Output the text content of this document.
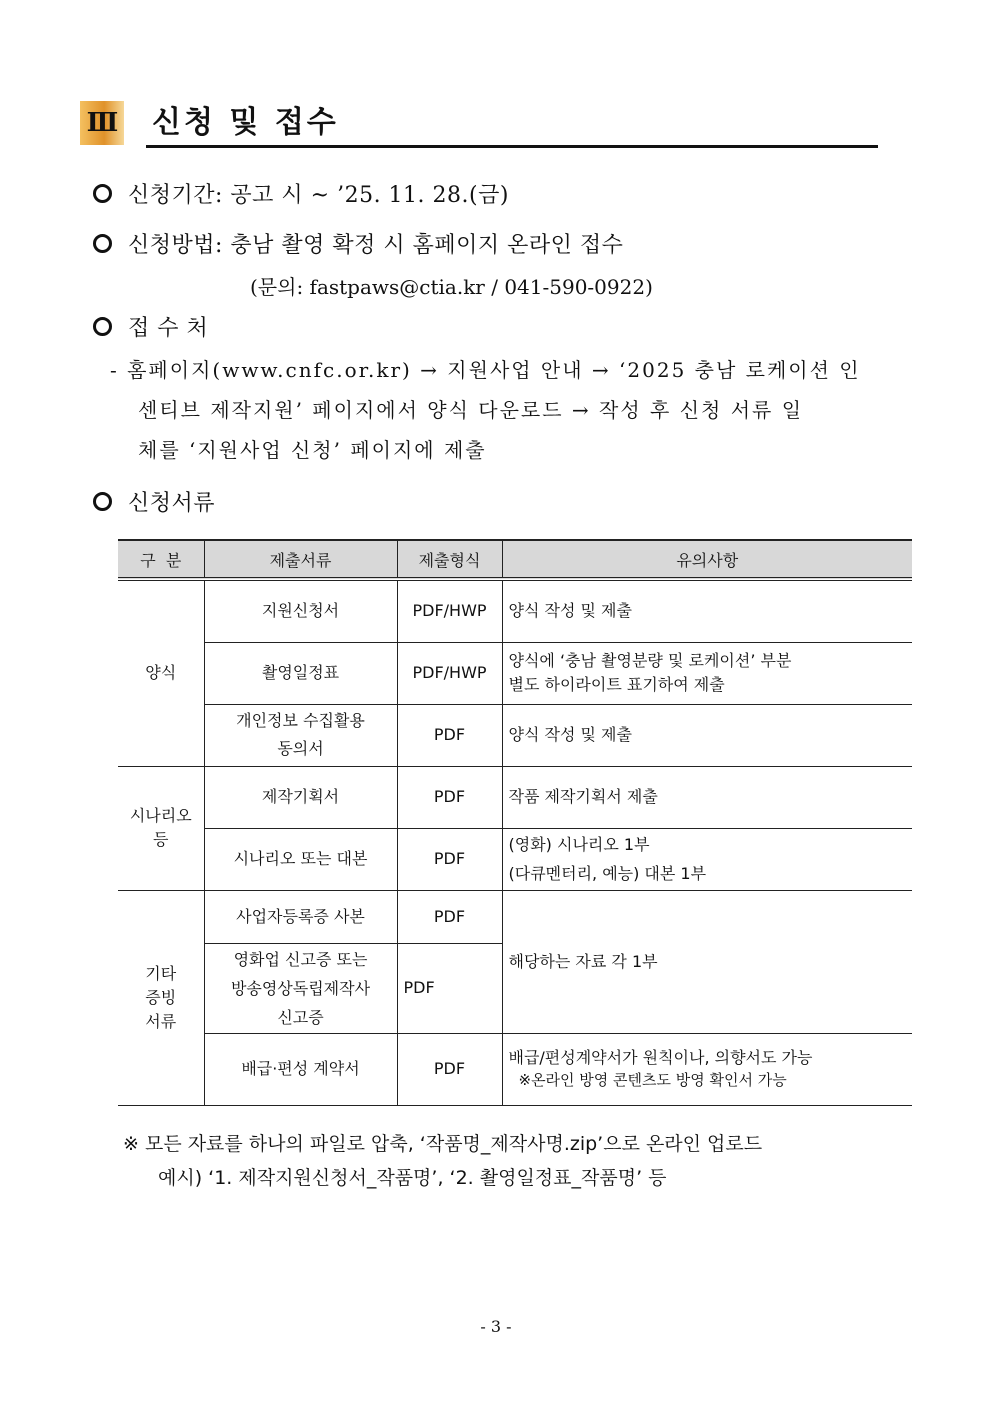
Ⅲ 신청 및 접수
신청기간: 공고 시 ~ ’25. 11. 28.(금)
신청방법: 충남 촬영 확정 시 홈페이지 온라인 접수
(문의: fastpaws@ctia.kr / 041-590-0922)
접 수 처
- 홈페이지(www.cnfc.or.kr) → 지원사업 안내 → ‘2025 충남 로케이션 인
센티브 제작지원’ 페이지에서 양식 다운로드 → 작성 후 신청 서류 일
체를 ‘지원사업 신청’ 페이지에 제출
신청서류
구  분	제출서류	제출형식	유의사항
양식	지원신청서	PDF/HWP	양식 작성 및 제출
	촬영일정표	PDF/HWP	양식에 ‘충남 촬영분량 및 로케이션’ 부분
별도 하이라이트 표기하여 제출

	개인정보 수집활용
동의서	PDF	양식 작성 및 제출

시나리오
등	제작기획서	PDF	작품 제작기획서 제출
	시나리오 또는 대본	PDF	(영화) 시나리오 1부
(다큐멘터리, 예능) 대본 1부

기타
증빙
서류	사업자등록증 사본	PDF	해당하는 자료 각 1부

	영화업 신고증 또는
방송영상독립제작사
신고증	PDF	
	배급·편성 계약서	PDF	배급/편성계약서가 원칙이나, 의향서도 가능
※온라인 방영 콘텐츠도 방영 확인서 가능
※ 모든 자료를 하나의 파일로 압축, ‘작품명_제작사명.zip’으로 온라인 업로드
예시) ‘1. 제작지원신청서_작품명’, ‘2. 촬영일정표_작품명’ 등
- 3 -
